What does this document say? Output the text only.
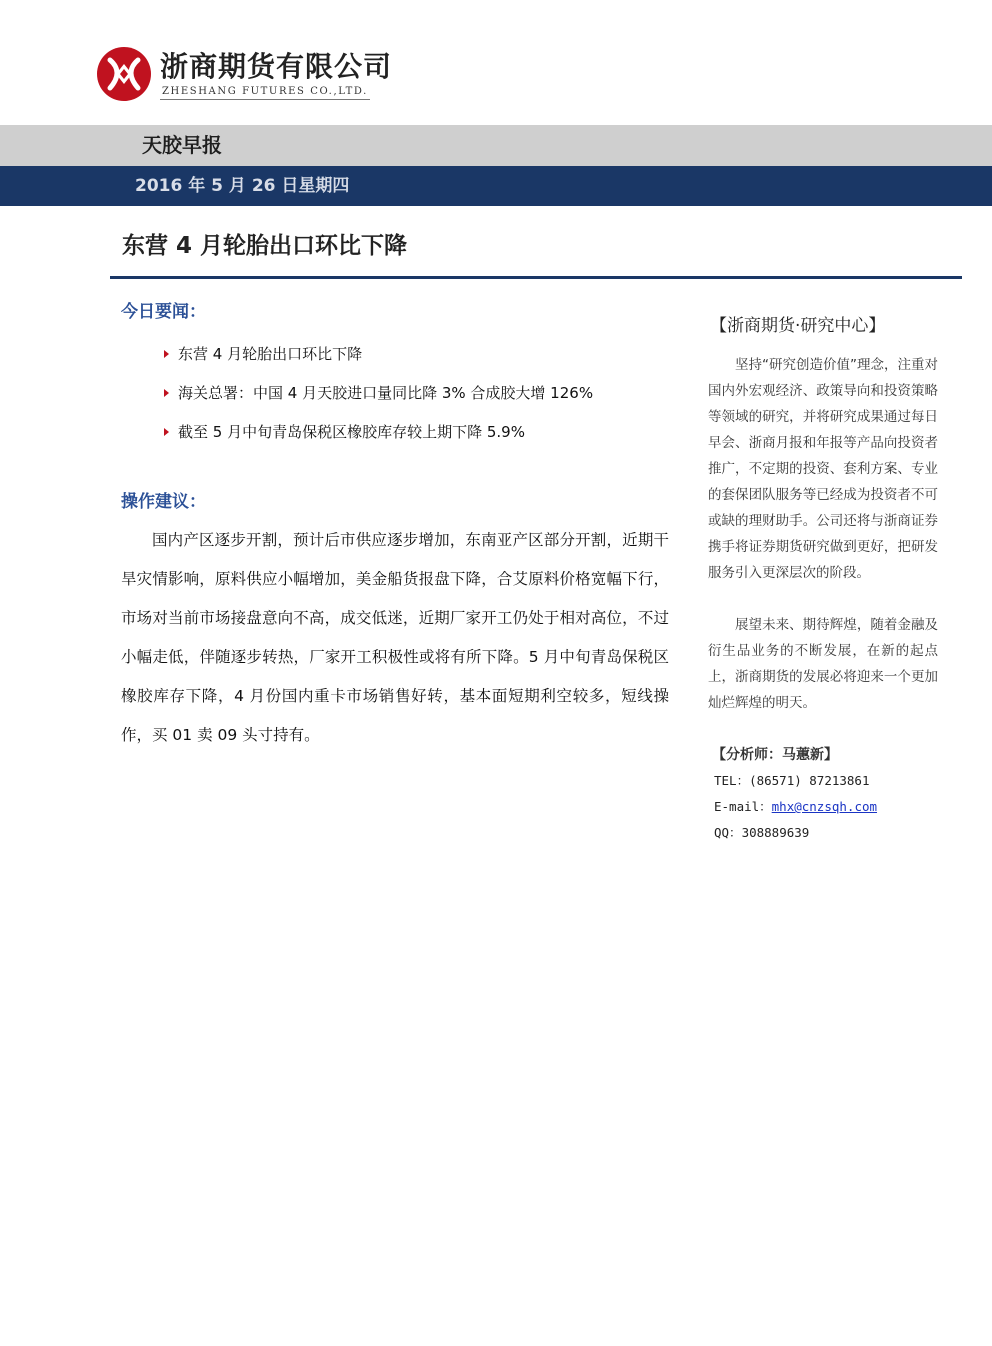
浙商期货有限公司
ZHESHANG FUTURES CO.,LTD.
天胶早报
2016 年 5 月 26 日星期四
东营 4 月轮胎出口环比下降
今日要闻：
东营 4 月轮胎出口环比下降
海关总署：中国 4 月天胶进口量同比降 3% 合成胶大增 126%
截至 5 月中旬青岛保税区橡胶库存较上期下降 5.9%
操作建议：

国内产区逐步开割，预计后市供应逐步增加，东南亚产区部分开割，近期干旱灾情影响，原料供应小幅增加，美金船货报盘下降，合艾原料价格宽幅下行，市场对当前市场接盘意向不高，成交低迷，近期厂家开工仍处于相对高位，不过小幅走低，伴随逐步转热，厂家开工积极性或将有所下降。5 月中旬青岛保税区橡胶库存下降，4 月份国内重卡市场销售好转，基本面短期利空较多，短线操作，买 01 卖 09 头寸持有。

【浙商期货·研究中心】

坚持“研究创造价值”理念，注重对国内外宏观经济、政策导向和投资策略等领域的研究，并将研究成果通过每日早会、浙商月报和年报等产品向投资者推广，不定期的投资、套利方案、专业的套保团队服务等已经成为投资者不可或缺的理财助手。公司还将与浙商证券携手将证券期货研究做到更好，把研发服务引入更深层次的阶段。

展望未来、期待辉煌，随着金融及衍生品业务的不断发展，在新的起点上，浙商期货的发展必将迎来一个更加灿烂辉煌的明天。

【分析师：马蕙新】
TEL：(86571) 87213861
E-mail：mhx@cnzsqh.com
QQ：308889639
